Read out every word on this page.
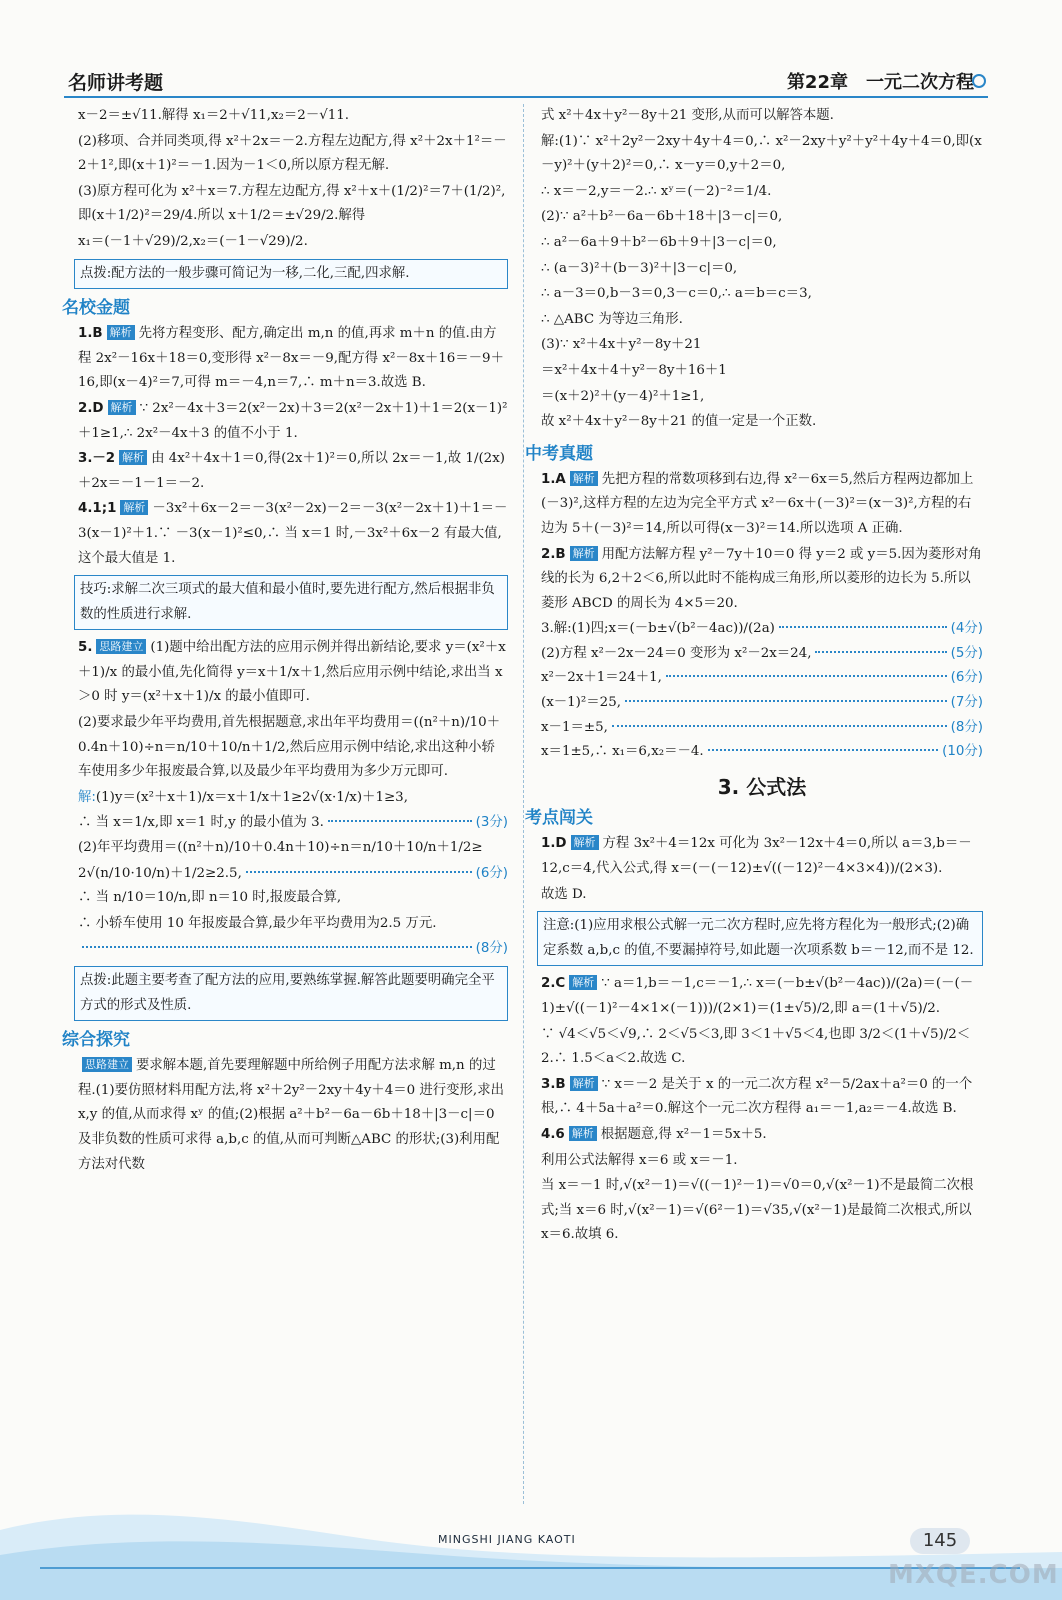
名师讲考题	第22章　一元二次方程

x－2＝±√11.解得 x₁＝2＋√11,x₂＝2－√11.

(2)移项、合并同类项,得 x²＋2x＝－2.方程左边配方,得 x²＋2x＋1²＝－2＋1²,即(x＋1)²＝－1.因为－1＜0,所以原方程无解.

(3)原方程可化为 x²＋x＝7.方程左边配方,得 x²＋x＋(1/2)²＝7＋(1/2)²,即(x＋1/2)²＝29/4.所以 x＋1/2＝±√29/2.解得

x₁＝(－1＋√29)/2,x₂＝(－1－√29)/2.

点拨:配方法的一般步骤可简记为一移,二化,三配,四求解.
名校金题

1.B 解析 先将方程变形、配方,确定出 m,n 的值,再求 m＋n 的值.由方程 2x²－16x＋18＝0,变形得 x²－8x＝－9,配方得 x²－8x＋16＝－9＋16,即(x－4)²＝7,可得 m＝－4,n＝7,∴ m＋n＝3.故选 B.

2.D 解析 ∵ 2x²－4x＋3＝2(x²－2x)＋3＝2(x²－2x＋1)＋1＝2(x－1)²＋1≥1,∴ 2x²－4x＋3 的值不小于 1.

3.－2 解析 由 4x²＋4x＋1＝0,得(2x＋1)²＝0,所以 2x＝－1,故 1/(2x)＋2x＝－1－1＝－2.

4.1;1 解析 －3x²＋6x－2＝－3(x²－2x)－2＝－3(x²－2x＋1)＋1＝－3(x－1)²＋1.∵ －3(x－1)²≤0,∴ 当 x＝1 时,－3x²＋6x－2 有最大值,这个最大值是 1.

技巧:求解二次三项式的最大值和最小值时,要先进行配方,然后根据非负数的性质进行求解.

5. 思路建立 (1)题中给出配方法的应用示例并得出新结论,要求 y＝(x²＋x＋1)/x 的最小值,先化简得 y＝x＋1/x＋1,然后应用示例中结论,求出当 x＞0 时 y＝(x²＋x＋1)/x 的最小值即可.

(2)要求最少年平均费用,首先根据题意,求出年平均费用＝((n²＋n)/10＋0.4n＋10)÷n＝n/10＋10/n＋1/2,然后应用示例中结论,求出这种小轿车使用多少年报废最合算,以及最少年平均费用为多少万元即可.

解:(1)y＝(x²＋x＋1)/x＝x＋1/x＋1≥2√(x·1/x)＋1≥3,

∴ 当 x＝1/x,即 x＝1 时,y 的最小值为 3.	(3分)

(2)年平均费用＝((n²＋n)/10＋0.4n＋10)÷n＝n/10＋10/n＋1/2≥

2√(n/10·10/n)＋1/2≥2.5,	(6分)

∴ 当 n/10＝10/n,即 n＝10 时,报废最合算,

∴ 小轿车使用 10 年报废最合算,最少年平均费用为2.5 万元.

(8分)
点拨:此题主要考查了配方法的应用,要熟练掌握.解答此题要明确完全平方式的形式及性质.
综合探究

思路建立 要求解本题,首先要理解题中所给例子用配方法求解 m,n 的过程.(1)要仿照材料用配方法,将 x²＋2y²－2xy＋4y＋4＝0 进行变形,求出 x,y 的值,从而求得 xʸ 的值;(2)根据 a²＋b²－6a－6b＋18＋|3－c|＝0 及非负数的性质可求得 a,b,c 的值,从而可判断△ABC 的形状;(3)利用配方法对代数

式 x²＋4x＋y²－8y＋21 变形,从而可以解答本题.

解:(1)∵ x²＋2y²－2xy＋4y＋4＝0,∴ x²－2xy＋y²＋y²＋4y＋4＝0,即(x－y)²＋(y＋2)²＝0,∴ x－y＝0,y＋2＝0,

∴ x＝－2,y＝－2.∴ xʸ＝(－2)⁻²＝1/4.

(2)∵ a²＋b²－6a－6b＋18＋|3－c|＝0,

∴ a²－6a＋9＋b²－6b＋9＋|3－c|＝0,

∴ (a－3)²＋(b－3)²＋|3－c|＝0,

∴ a－3＝0,b－3＝0,3－c＝0,∴ a＝b＝c＝3,

∴ △ABC 为等边三角形.

(3)∵ x²＋4x＋y²－8y＋21

＝x²＋4x＋4＋y²－8y＋16＋1

＝(x＋2)²＋(y－4)²＋1≥1,

故 x²＋4x＋y²－8y＋21 的值一定是一个正数.

中考真题

1.A 解析 先把方程的常数项移到右边,得 x²－6x＝5,然后方程两边都加上(－3)²,这样方程的左边为完全平方式 x²－6x＋(－3)²＝(x－3)²,方程的右边为 5＋(－3)²＝14,所以可得(x－3)²＝14.所以选项 A 正确.

2.B 解析 用配方法解方程 y²－7y＋10＝0 得 y＝2 或 y＝5.因为菱形对角线的长为 6,2＋2＜6,所以此时不能构成三角形,所以菱形的边长为 5.所以菱形 ABCD 的周长为 4×5＝20.

3.解:(1)四;x＝(－b±√(b²－4ac))/(2a)	(4分)
(2)方程 x²－2x－24＝0 变形为 x²－2x＝24,	(5分)
x²－2x＋1＝24＋1,	(6分)
(x－1)²＝25,	(7分)
x－1＝±5,	(8分)
x＝1±5,∴ x₁＝6,x₂＝－4.	(10分)
3. 公式法
考点闯关

1.D 解析 方程 3x²＋4＝12x 可化为 3x²－12x＋4＝0,所以 a＝3,b＝－12,c＝4,代入公式,得 x＝(－(－12)±√((－12)²－4×3×4))/(2×3).

故选 D.

注意:(1)应用求根公式解一元二次方程时,应先将方程化为一般形式;(2)确定系数 a,b,c 的值,不要漏掉符号,如此题一次项系数 b＝－12,而不是 12.

2.C 解析 ∵ a＝1,b＝－1,c＝－1,∴ x＝(－b±√(b²－4ac))/(2a)＝(－(－1)±√((－1)²－4×1×(－1)))/(2×1)＝(1±√5)/2,即 a＝(1＋√5)/2.

∵ √4＜√5＜√9,∴ 2＜√5＜3,即 3＜1＋√5＜4,也即 3/2＜(1＋√5)/2＜2.∴ 1.5＜a＜2.故选 C.

3.B 解析 ∵ x＝－2 是关于 x 的一元二次方程 x²－5/2ax＋a²＝0 的一个根,∴ 4＋5a＋a²＝0.解这个一元二次方程得 a₁＝－1,a₂＝－4.故选 B.

4.6 解析 根据题意,得 x²－1＝5x＋5.

利用公式法解得 x＝6 或 x＝－1.

当 x＝－1 时,√(x²－1)＝√((－1)²－1)＝√0＝0,√(x²－1)不是最简二次根式;当 x＝6 时,√(x²－1)＝√(6²－1)＝√35,√(x²－1)是最简二次根式,所以 x＝6.故填 6.

MINGSHI JIANG KAOTI	145
MXQE.COM
